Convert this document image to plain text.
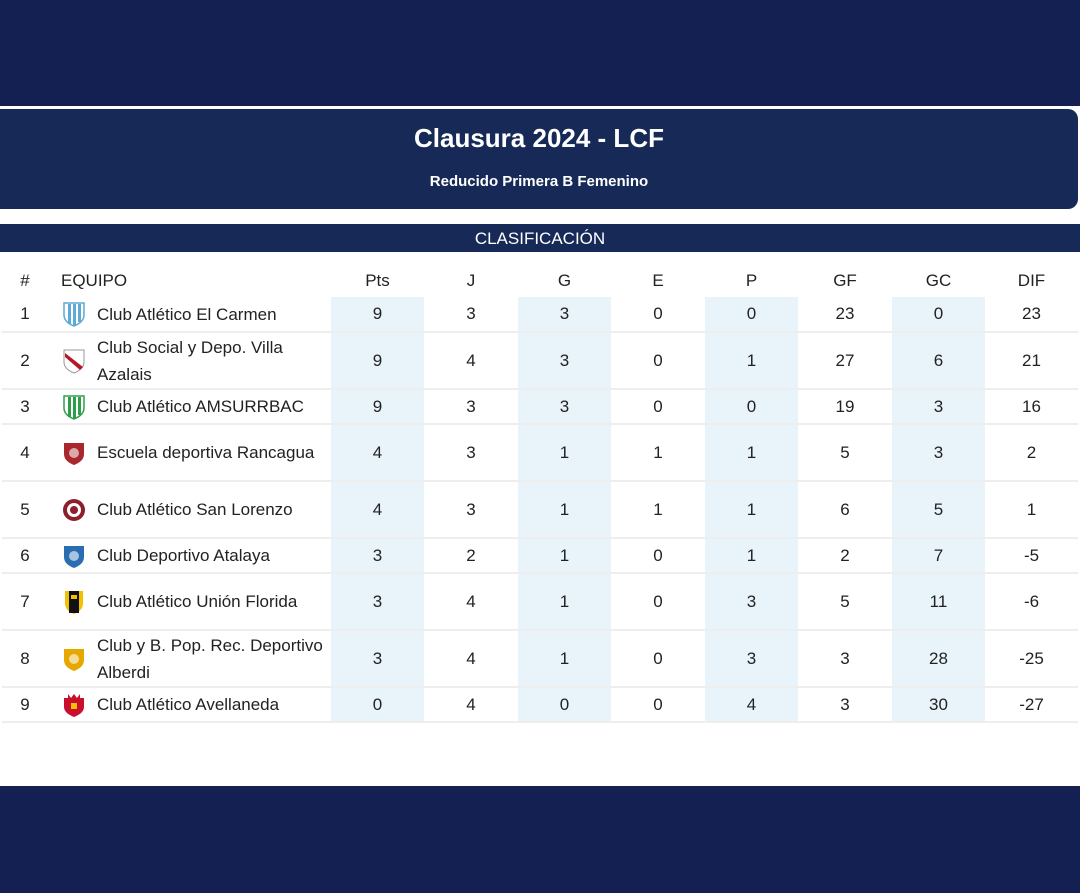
Clausura 2024 - LCF
Reducido Primera B Femenino
CLASIFICACIÓN
#	EQUIPO	Pts	J	G	E	P	GF	GC	DIF
1	Club Atlético El Carmen	9	3	3	0	0	23	0	23
2	Club Social y Depo. Villa Azalais	9	4	3	0	1	27	6	21
3	Club Atlético AMSURRBAC	9	3	3	0	0	19	3	16
4	Escuela deportiva Rancagua	4	3	1	1	1	5	3	2
5	Club Atlético San Lorenzo	4	3	1	1	1	6	5	1
6	Club Deportivo Atalaya	3	2	1	0	1	2	7	-5
7	Club Atlético Unión Florida	3	4	1	0	3	5	11	-6
8	Club y B. Pop. Rec. Deportivo Alberdi	3	4	1	0	3	3	28	-25
9	Club Atlético Avellaneda	0	4	0	0	4	3	30	-27
